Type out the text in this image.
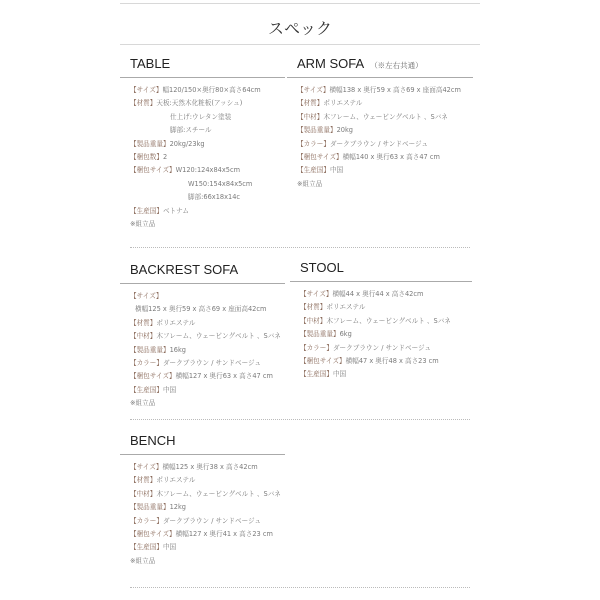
スペック
TABLE
【サイズ】幅120/150×奥行80×高さ64cm
【材質】天板:天然木化粧板(アッシュ)
仕上げ:ウレタン塗装
脚部:スチール
【製品重量】20kg/23kg
【梱包数】2
【梱包サイズ】W120:124x84x5cm
W150:154x84x5cm
脚部:66x18x14c
【生産国】ベトナム
※組立品
ARM SOFA （※左右共通）
【サイズ】横幅138 x 奥行59 x 高さ69 x 座面高42cm
【材質】ポリエステル
【中材】木フレーム、ウェービングベルト 、Sバネ
【製品重量】20kg
【カラー】ダークブラウン / サンドベージュ
【梱包サイズ】横幅140 x 奥行63 x 高さ47 cm
【生産国】中国
※組立品
BACKREST SOFA
【サイズ】
横幅125 x 奥行59 x 高さ69 x 座面高42cm
【材質】ポリエステル
【中材】木フレーム、ウェービングベルト 、Sバネ
【製品重量】16kg
【カラー】ダークブラウン / サンドベージュ
【梱包サイズ】横幅127 x 奥行63 x 高さ47 cm
【生産国】中国
※組立品
STOOL
【サイズ】横幅44 x 奥行44 x 高さ42cm
【材質】ポリエステル
【中材】木フレーム、ウェービングベルト 、Sバネ
【製品重量】6kg
【カラー】ダークブラウン / サンドベージュ
【梱包サイズ】横幅47 x 奥行48 x 高さ23 cm
【生産国】中国
BENCH
【サイズ】横幅125 x 奥行38 x 高さ42cm
【材質】ポリエステル
【中材】木フレーム、ウェービングベルト 、Sバネ
【製品重量】12kg
【カラー】ダークブラウン / サンドベージュ
【梱包サイズ】横幅127 x 奥行41 x 高さ23 cm
【生産国】中国
※組立品
